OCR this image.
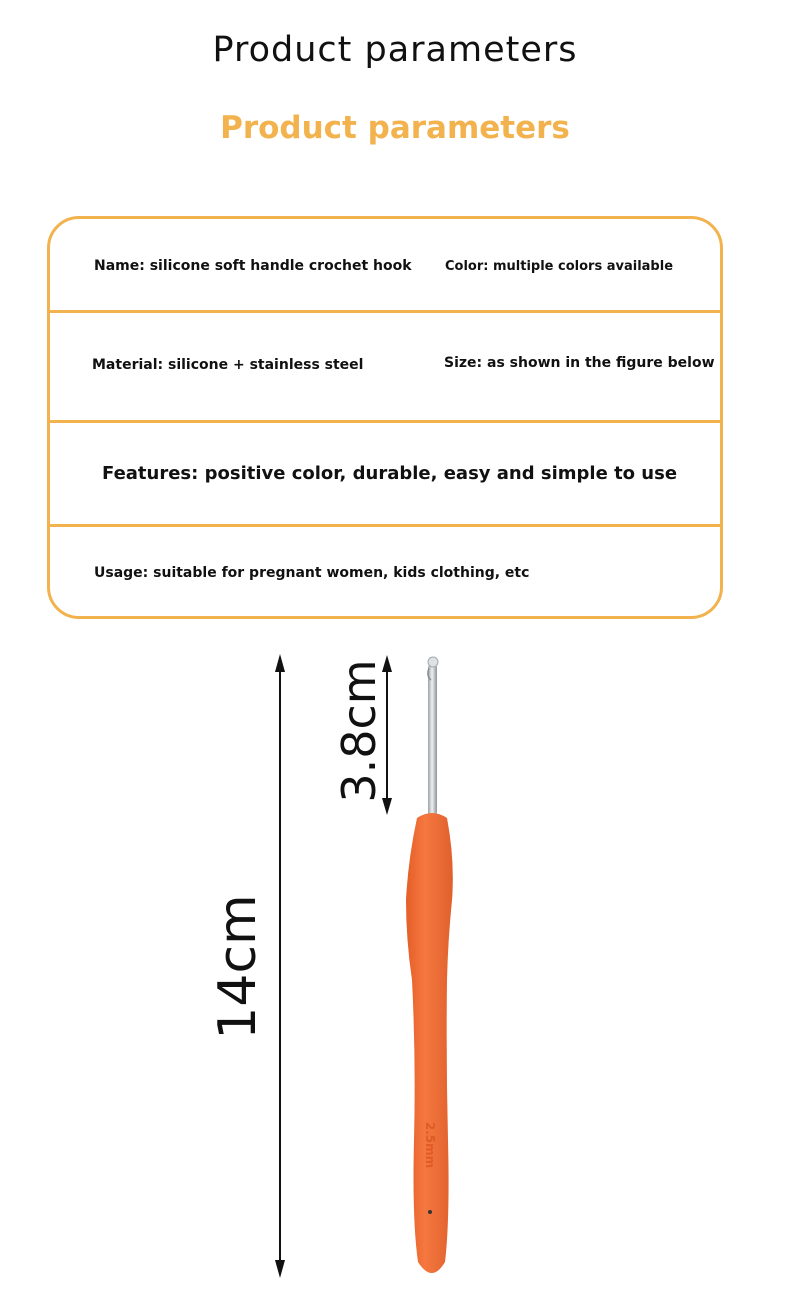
Product parameters
Product parameters
Name: silicone soft handle crochet hook	Color: multiple colors available
Material: silicone + stainless steel	Size: as shown in the figure below
Features: positive color, durable, easy and simple to use
Usage: suitable for pregnant women, kids clothing, etc
14cm
3.8cm
2.5mm
